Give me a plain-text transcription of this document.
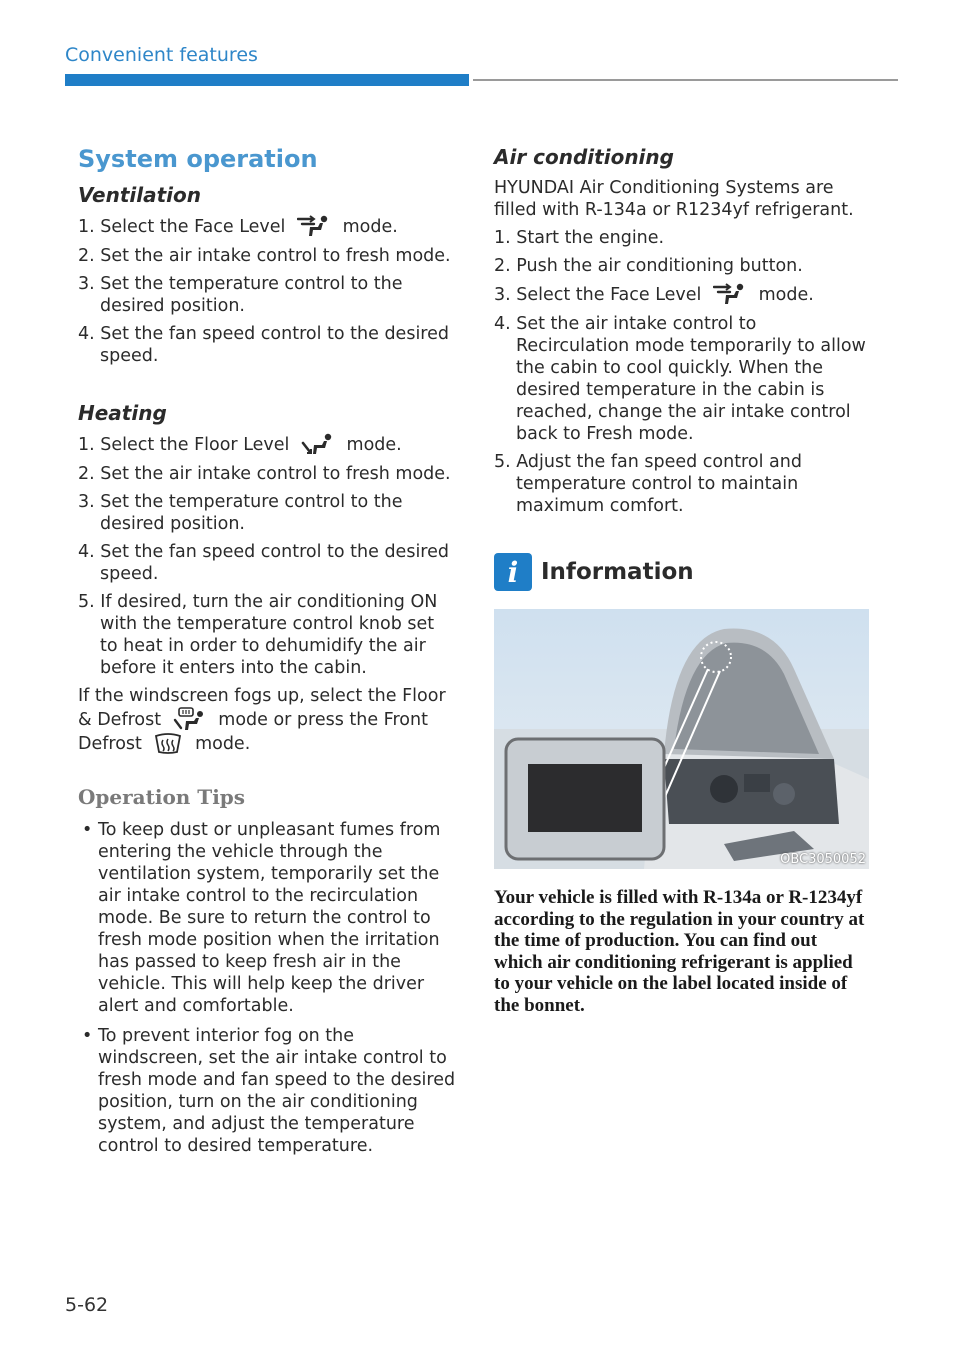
Convenient features
System operation
Ventilation
1. Select the Face Level	mode.
2. Set the air intake control to fresh mode.
3. Set the temperature control to the desired position.
4. Set the fan speed control to the desired speed.
Heating
1. Select the Floor Level	mode.
2. Set the air intake control to fresh mode.
3. Set the temperature control to the desired position.
4. Set the fan speed control to the desired speed.
5. If desired, turn the air conditioning ON with the temperature control knob set to heat in order to dehumidify the air before it enters into the cabin.

If the windscreen fogs up, select the Floor & Defrost	mode or press the Front Defrost	mode.

Operation Tips
• To keep dust or unpleasant fumes from entering the vehicle through the ventilation system, temporarily set the air intake control to the recirculation mode. Be sure to return the control to fresh mode position when the irritation has passed to keep fresh air in the vehicle. This will help keep the driver alert and comfortable.
• To prevent interior fog on the windscreen, set the air intake control to fresh mode and fan speed to the desired position, turn on the air conditioning system, and adjust the temperature control to desired temperature.
Air conditioning

HYUNDAI Air Conditioning Systems are filled with R-134a or R1234yf refrigerant.

1. Start the engine.
2. Push the air conditioning button.
3. Select the Face Level	mode.
4. Set the air intake control to Recirculation mode temporarily to allow the cabin to cool quickly. When the desired temperature in the cabin is reached, change the air intake control back to Fresh mode.
5. Adjust the fan speed control and temperature control to maintain maximum comfort.
i Information
OBC3050052

Your vehicle is filled with R-134a or R-1234yf according to the regulation in your country at the time of production. You can find out which air conditioning refrigerant is applied to your vehicle on the label located inside of the bonnet.

5-62
